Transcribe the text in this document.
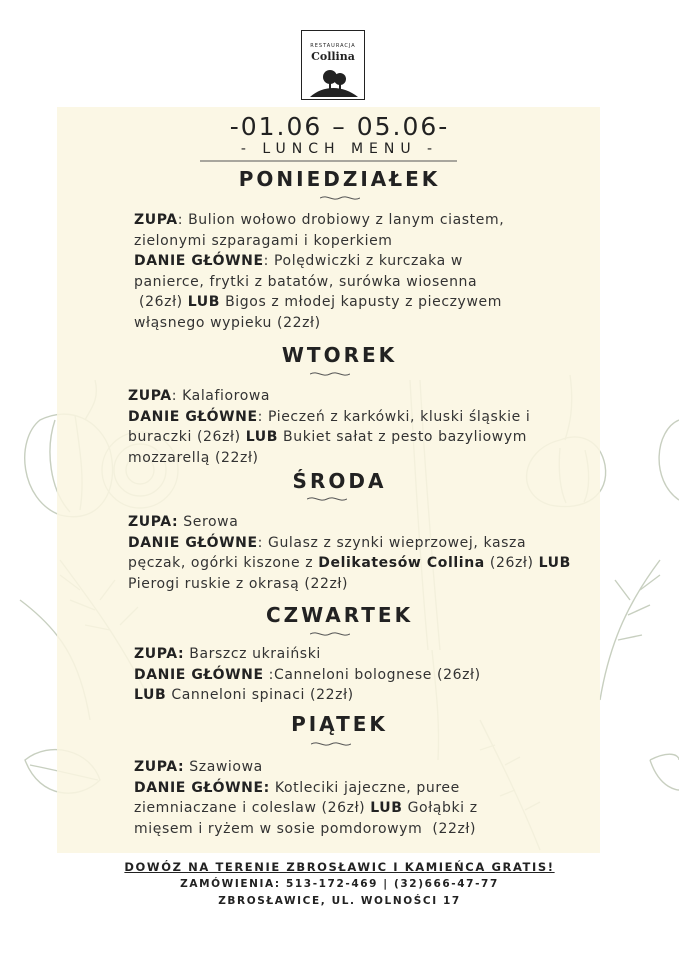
RESTAURACJA
Collina
-01.06 – 05.06-
- LUNCH MENU -
PONIEDZIAŁEK
ZUPA: Bulion wołowo drobiowy z lanym ciastem,
zielonymi szparagami i koperkiem
DANIE GŁÓWNE: Polędwiczki z kurczaka w
panierce, frytki z batatów, surówka wiosenna
(26zł) LUB Bigos z młodej kapusty z pieczywem
włąsnego wypieku (22zł)
WTOREK
ZUPA: Kalafiorowa
DANIE GŁÓWNE: Pieczeń z karkówki, kluski śląskie i
buraczki (26zł) LUB Bukiet sałat z pesto bazyliowym
mozzarellą (22zł)
ŚRODA
ZUPA: Serowa
DANIE GŁÓWNE: Gulasz z szynki wieprzowej, kasza
pęczak, ogórki kiszone z Delikatesów Collina (26zł) LUB
Pierogi ruskie z okrasą (22zł)
CZWARTEK
ZUPA: Barszcz ukraiński
DANIE GŁÓWNE :Canneloni bolognese (26zł)
LUB Canneloni spinaci (22zł)
PIĄTEK
ZUPA: Szawiowa
DANIE GŁÓWNE: Kotleciki jajeczne, puree
ziemniaczane i coleslaw (26zł) LUB Gołąbki z
mięsem i ryżem w sosie pomdorowym  (22zł)
DOWÓZ NA TERENIE ZBROSŁAWIC I KAMIEŃCA GRATIS!
ZAMÓWIENIA: 513-172-469 | (32)666-47-77
ZBROSŁAWICE, UL. WOLNOŚCI 17
